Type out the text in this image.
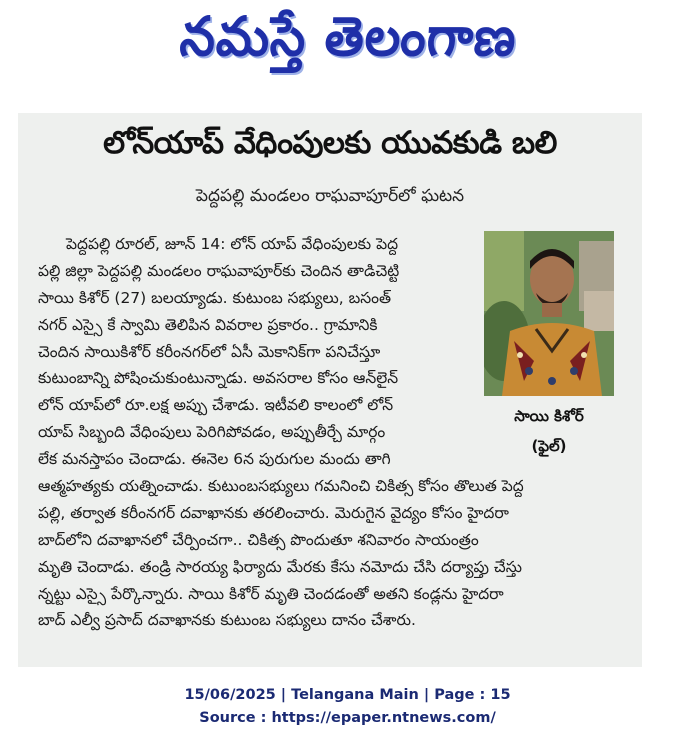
నమస్తే తెలంగాణ
లోన్‌యాప్ వేధింపులకు యువకుడి బలి
పెద్దపల్లి మండలం రాఘవాపూర్‌లో ఘటన
పెద్దపల్లి రూరల్, జూన్ 14: లోన్ యాప్ వేధింపులకు పెద్ద
పల్లి జిల్లా పెద్దపల్లి మండలం రాఘవాపూర్‌కు చెందిన తాడిచెట్టి
సాయి కిశోర్ (27) బలయ్యాడు. కుటుంబ సభ్యులు, బసంత్
నగర్ ఎస్సై కే స్వామి తెలిపిన వివరాల ప్రకారం.. గ్రామానికి
చెందిన సాయికిశోర్ కరీంనగర్‌లో ఏసీ మెకానిక్‌గా పనిచేస్తూ
కుటుంబాన్ని పోషించుకుంటున్నాడు. అవసరాల కోసం ఆన్‌లైన్
లోన్ యాప్‌లో రూ.లక్ష అప్పు చేశాడు. ఇటీవలి కాలంలో లోన్
యాప్ సిబ్బంది వేధింపులు పెరిగిపోవడం, అప్పుతీర్చే మార్గం
లేక మనస్తాపం చెందాడు. ఈనెల 6న పురుగుల మందు తాగి
ఆత్మహత్యకు యత్నించాడు. కుటుంబసభ్యులు గమనించి చికిత్స కోసం తొలుత పెద్ద
పల్లి, తర్వాత కరీంనగర్ దవాఖానకు తరలించారు. మెరుగైన వైద్యం కోసం హైదరా
బాద్‌లోని దవాఖానలో చేర్పించగా.. చికిత్స పొందుతూ శనివారం సాయంత్రం
మృతి చెందాడు. తండ్రి సారయ్య ఫిర్యాదు మేరకు కేసు నమోదు చేసి దర్యాప్తు చేస్తు
న్నట్టు ఎస్సై పేర్కొన్నారు. సాయి కిశోర్ మృతి చెందడంతో అతని కండ్లను హైదరా
బాద్ ఎల్వీ ప్రసాద్ దవాఖానకు కుటుంబ సభ్యులు దానం చేశారు.
సాయి కిశోర్
(ఫైల్)
15/06/2025 | Telangana Main | Page : 15
Source : https://epaper.ntnews.com/
